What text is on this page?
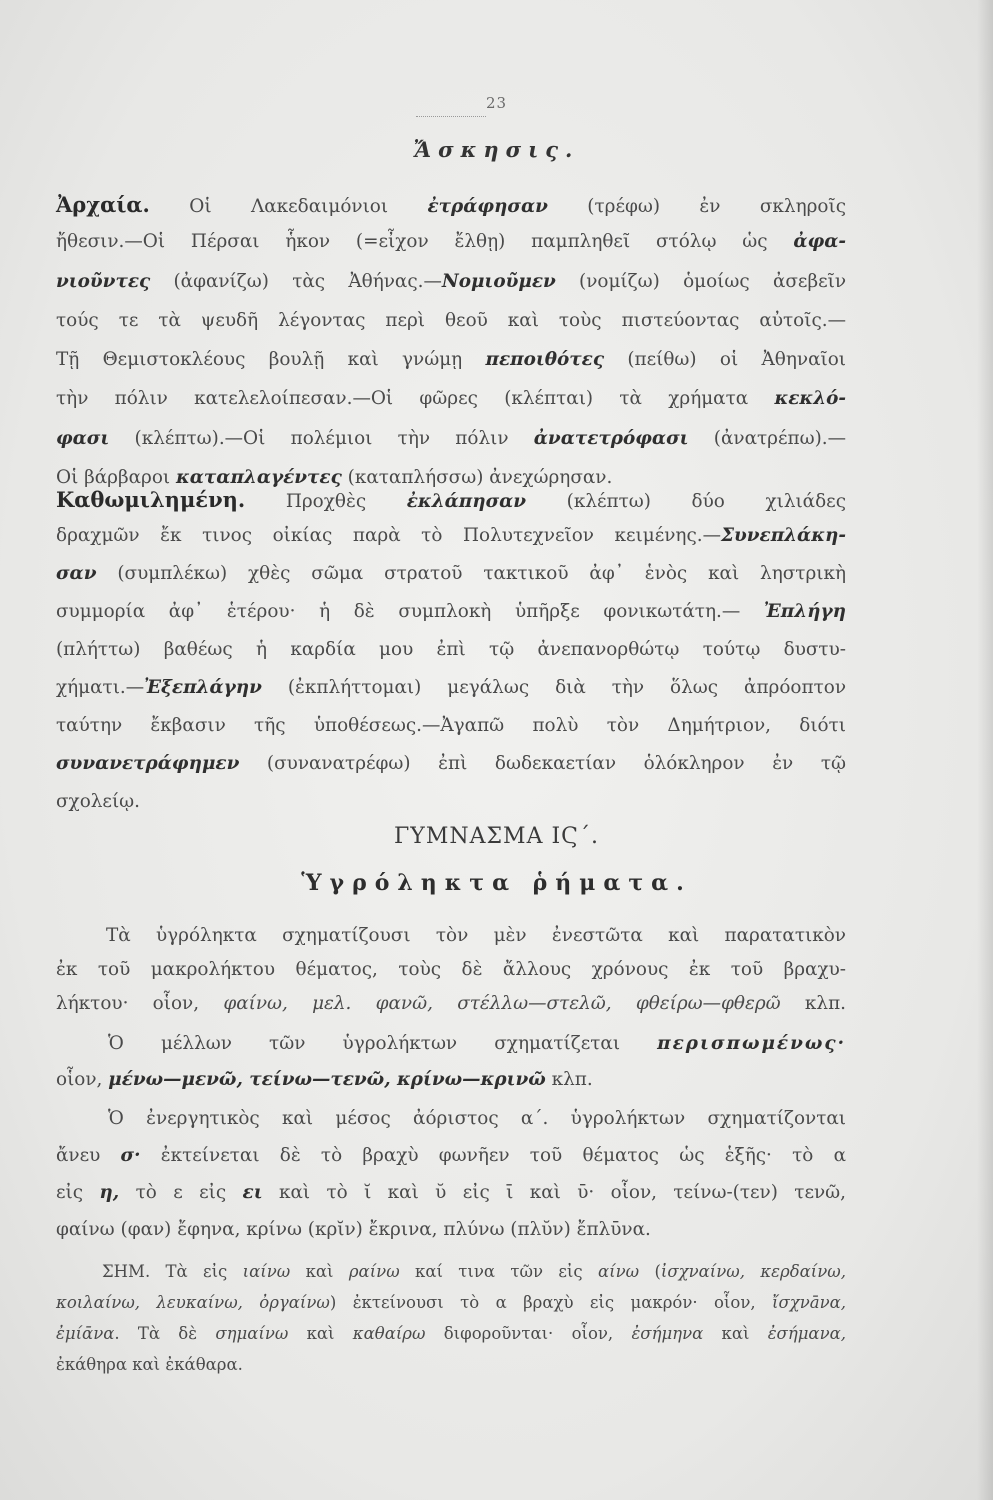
23
Ἄσκησις.
Ἀρχαία. Οἱ Λακεδαιμόνιοι ἐτράφησαν (τρέφω) ἐν σκληροῖς
ἤθεσιν.—Οἱ Πέρσαι ἧκον (=εἶχον ἔλθῃ) παμπληθεῖ στόλῳ ὡς ἀφα-
νιοῦντες (ἀφανίζω) τὰς Ἀθήνας.—Νομιοῦμεν (νομίζω) ὁμοίως ἀσεβεῖν
τούς τε τὰ ψευδῆ λέγοντας περὶ θεοῦ καὶ τοὺς πιστεύοντας αὐτοῖς.—
Τῇ Θεμιστοκλέους βουλῇ καὶ γνώμῃ πεποιθότες (πείθω) οἱ Ἀθηναῖοι
τὴν πόλιν κατελελοίπεσαν.—Οἱ φῶρες (κλέπται) τὰ χρήματα κεκλό-
φασι (κλέπτω).—Οἱ πολέμιοι τὴν πόλιν ἀνατετρόφασι (ἀνατρέπω).—
Οἱ βάρβαροι καταπλαγέντες (καταπλήσσω) ἀνεχώρησαν.
Καθωμιλημένη. Προχθὲς ἐκλάπησαν (κλέπτω) δύο χιλιάδες
δραχμῶν ἔκ τινος οἰκίας παρὰ τὸ Πολυτεχνεῖον κειμένης.—Συνεπλάκη-
σαν (συμπλέκω) χθὲς σῶμα στρατοῦ τακτικοῦ ἀφ᾽ ἑνὸς καὶ ληστρικὴ
συμμορία ἀφ᾽ ἑτέρου· ἡ δὲ συμπλοκὴ ὑπῆρξε φονικωτάτη.— Ἐπλήγη
(πλήττω) βαθέως ἡ καρδία μου ἐπὶ τῷ ἀνεπανορθώτῳ τούτῳ δυστυ-
χήματι.—Ἐξεπλάγην (ἐκπλήττομαι) μεγάλως διὰ τὴν ὅλως ἀπρόοπτον
ταύτην ἔκβασιν τῆς ὑποθέσεως.—Ἀγαπῶ πολὺ τὸν Δημήτριον, διότι
συνανετράφημεν (συνανατρέφω) ἐπὶ δωδεκαετίαν ὁλόκληρον ἐν τῷ
σχολείῳ.
ΓΥΜΝΑΣΜΑ ΙϚ΄.
Ὑγρόληκτα ῥήματα.
Τὰ ὑγρόληκτα σχηματίζουσι τὸν μὲν ἐνεστῶτα καὶ παρατατικὸν
ἐκ τοῦ μακρολήκτου θέματος, τοὺς δὲ ἄλλους χρόνους ἐκ τοῦ βραχυ-
λήκτου· οἷον, φαίνω, μελ. φανῶ, στέλλω—στελῶ, φθείρω—φθερῶ κλπ.
Ὁ μέλλων τῶν ὑγρολήκτων σχηματίζεται περισπωμένως·
οἷον, μένω—μενῶ, τείνω—τενῶ, κρίνω—κρινῶ κλπ.
Ὁ ἐνεργητικὸς καὶ μέσος ἀόριστος α΄. ὑγρολήκτων σχηματίζονται
ἄνευ σ· ἐκτείνεται δὲ τὸ βραχὺ φωνῆεν τοῦ θέματος ὡς ἑξῆς· τὸ α
εἰς η, τὸ ε εἰς ει καὶ τὸ ῐ καὶ ῠ εἰς ῑ καὶ ῡ· οἷον, τείνω-(τεν) τενῶ,
φαίνω (φαν) ἔφηνα, κρίνω (κρῐν) ἔκρινα, πλύνω (πλῠν) ἔπλῡνα.
ΣΗΜ. Τὰ εἰς ιαίνω καὶ ραίνω καί τινα τῶν εἰς αίνω (ἰσχναίνω, κερδαίνω,
κοιλαίνω, λευκαίνω, ὀργαίνω) ἐκτείνουσι τὸ α βραχὺ εἰς μακρόν· οἷον, ἴσχνāνα,
ἐμίᾱνα. Τὰ δὲ σημαίνω καὶ καθαίρω διφοροῦνται· οἷον, ἐσήμηνα καὶ ἐσήμανα,
ἐκάθηρα καὶ ἐκάθαρα.
